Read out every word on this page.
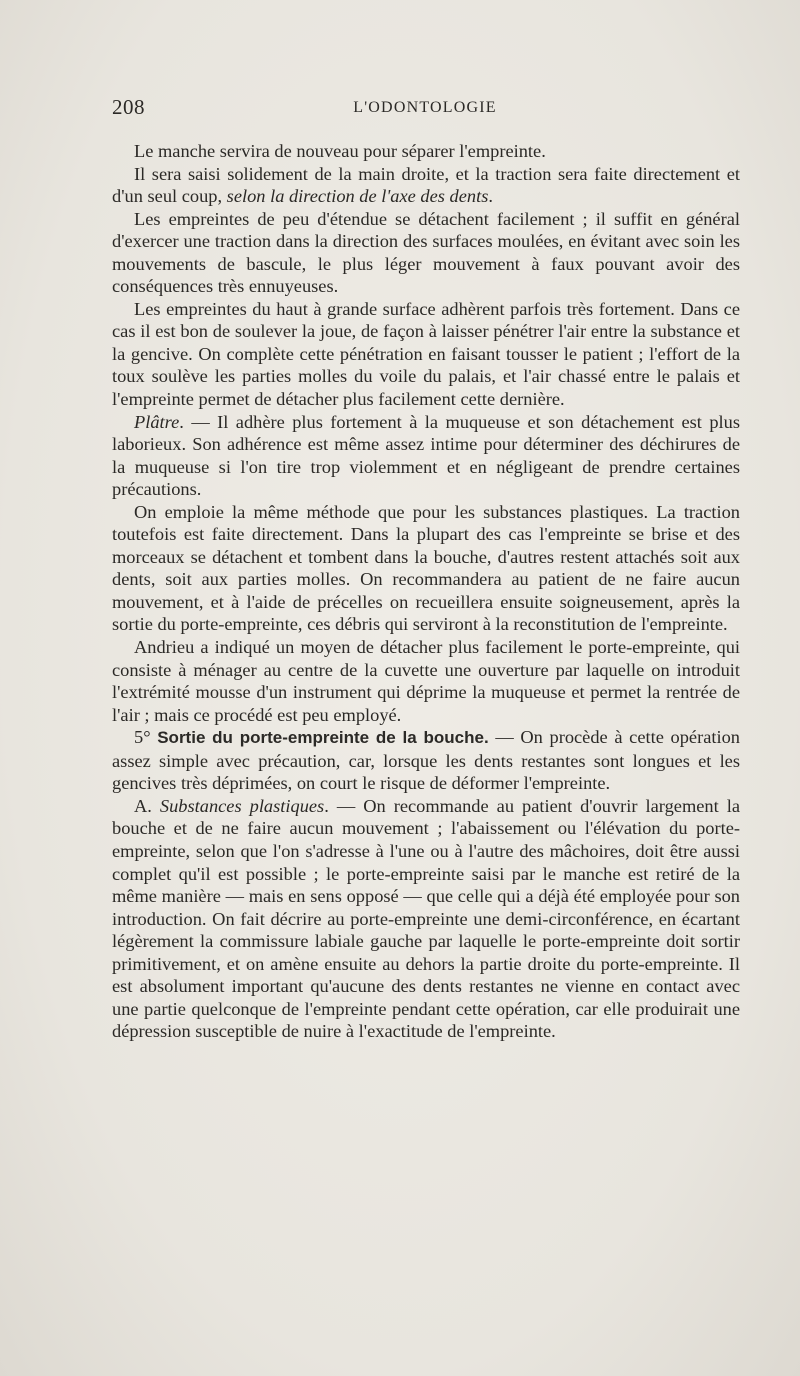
208	L'ODONTOLOGIE

Le manche servira de nouveau pour séparer l'empreinte.

Il sera saisi solidement de la main droite, et la traction sera faite directement et d'un seul coup, selon la direction de l'axe des dents.

Les empreintes de peu d'étendue se détachent facilement ; il suffit en général d'exercer une traction dans la direction des surfaces moulées, en évitant avec soin les mouvements de bascule, le plus léger mouvement à faux pouvant avoir des conséquences très ennuyeuses.

Les empreintes du haut à grande surface adhèrent parfois très fortement. Dans ce cas il est bon de soulever la joue, de façon à laisser pénétrer l'air entre la substance et la gencive. On complète cette pénétration en faisant tousser le patient ; l'effort de la toux soulève les parties molles du voile du palais, et l'air chassé entre le palais et l'empreinte permet de détacher plus facilement cette dernière.

Plâtre. — Il adhère plus fortement à la muqueuse et son détachement est plus laborieux. Son adhérence est même assez intime pour déterminer des déchirures de la muqueuse si l'on tire trop violemment et en négligeant de prendre certaines précautions.

On emploie la même méthode que pour les substances plastiques. La traction toutefois est faite directement. Dans la plupart des cas l'empreinte se brise et des morceaux se détachent et tombent dans la bouche, d'autres restent attachés soit aux dents, soit aux parties molles. On recommandera au patient de ne faire aucun mouvement, et à l'aide de précelles on recueillera ensuite soigneusement, après la sortie du porte-empreinte, ces débris qui serviront à la reconstitution de l'empreinte.

Andrieu a indiqué un moyen de détacher plus facilement le porte-empreinte, qui consiste à ménager au centre de la cuvette une ouverture par laquelle on introduit l'extrémité mousse d'un instrument qui déprime la muqueuse et permet la rentrée de l'air ; mais ce procédé est peu employé.

5° Sortie du porte-empreinte de la bouche. — On procède à cette opération assez simple avec précaution, car, lorsque les dents restantes sont longues et les gencives très déprimées, on court le risque de déformer l'empreinte.

A. Substances plastiques. — On recommande au patient d'ouvrir largement la bouche et de ne faire aucun mouvement ; l'abaissement ou l'élévation du porte-empreinte, selon que l'on s'adresse à l'une ou à l'autre des mâchoires, doit être aussi complet qu'il est possible ; le porte-empreinte saisi par le manche est retiré de la même manière — mais en sens opposé — que celle qui a déjà été employée pour son introduction. On fait décrire au porte-empreinte une demi-circonférence, en écartant légèrement la commissure labiale gauche par laquelle le porte-empreinte doit sortir primitivement, et on amène ensuite au dehors la partie droite du porte-empreinte. Il est absolument important qu'aucune des dents restantes ne vienne en contact avec une partie quelconque de l'empreinte pendant cette opération, car elle produirait une dépression susceptible de nuire à l'exactitude de l'empreinte.
